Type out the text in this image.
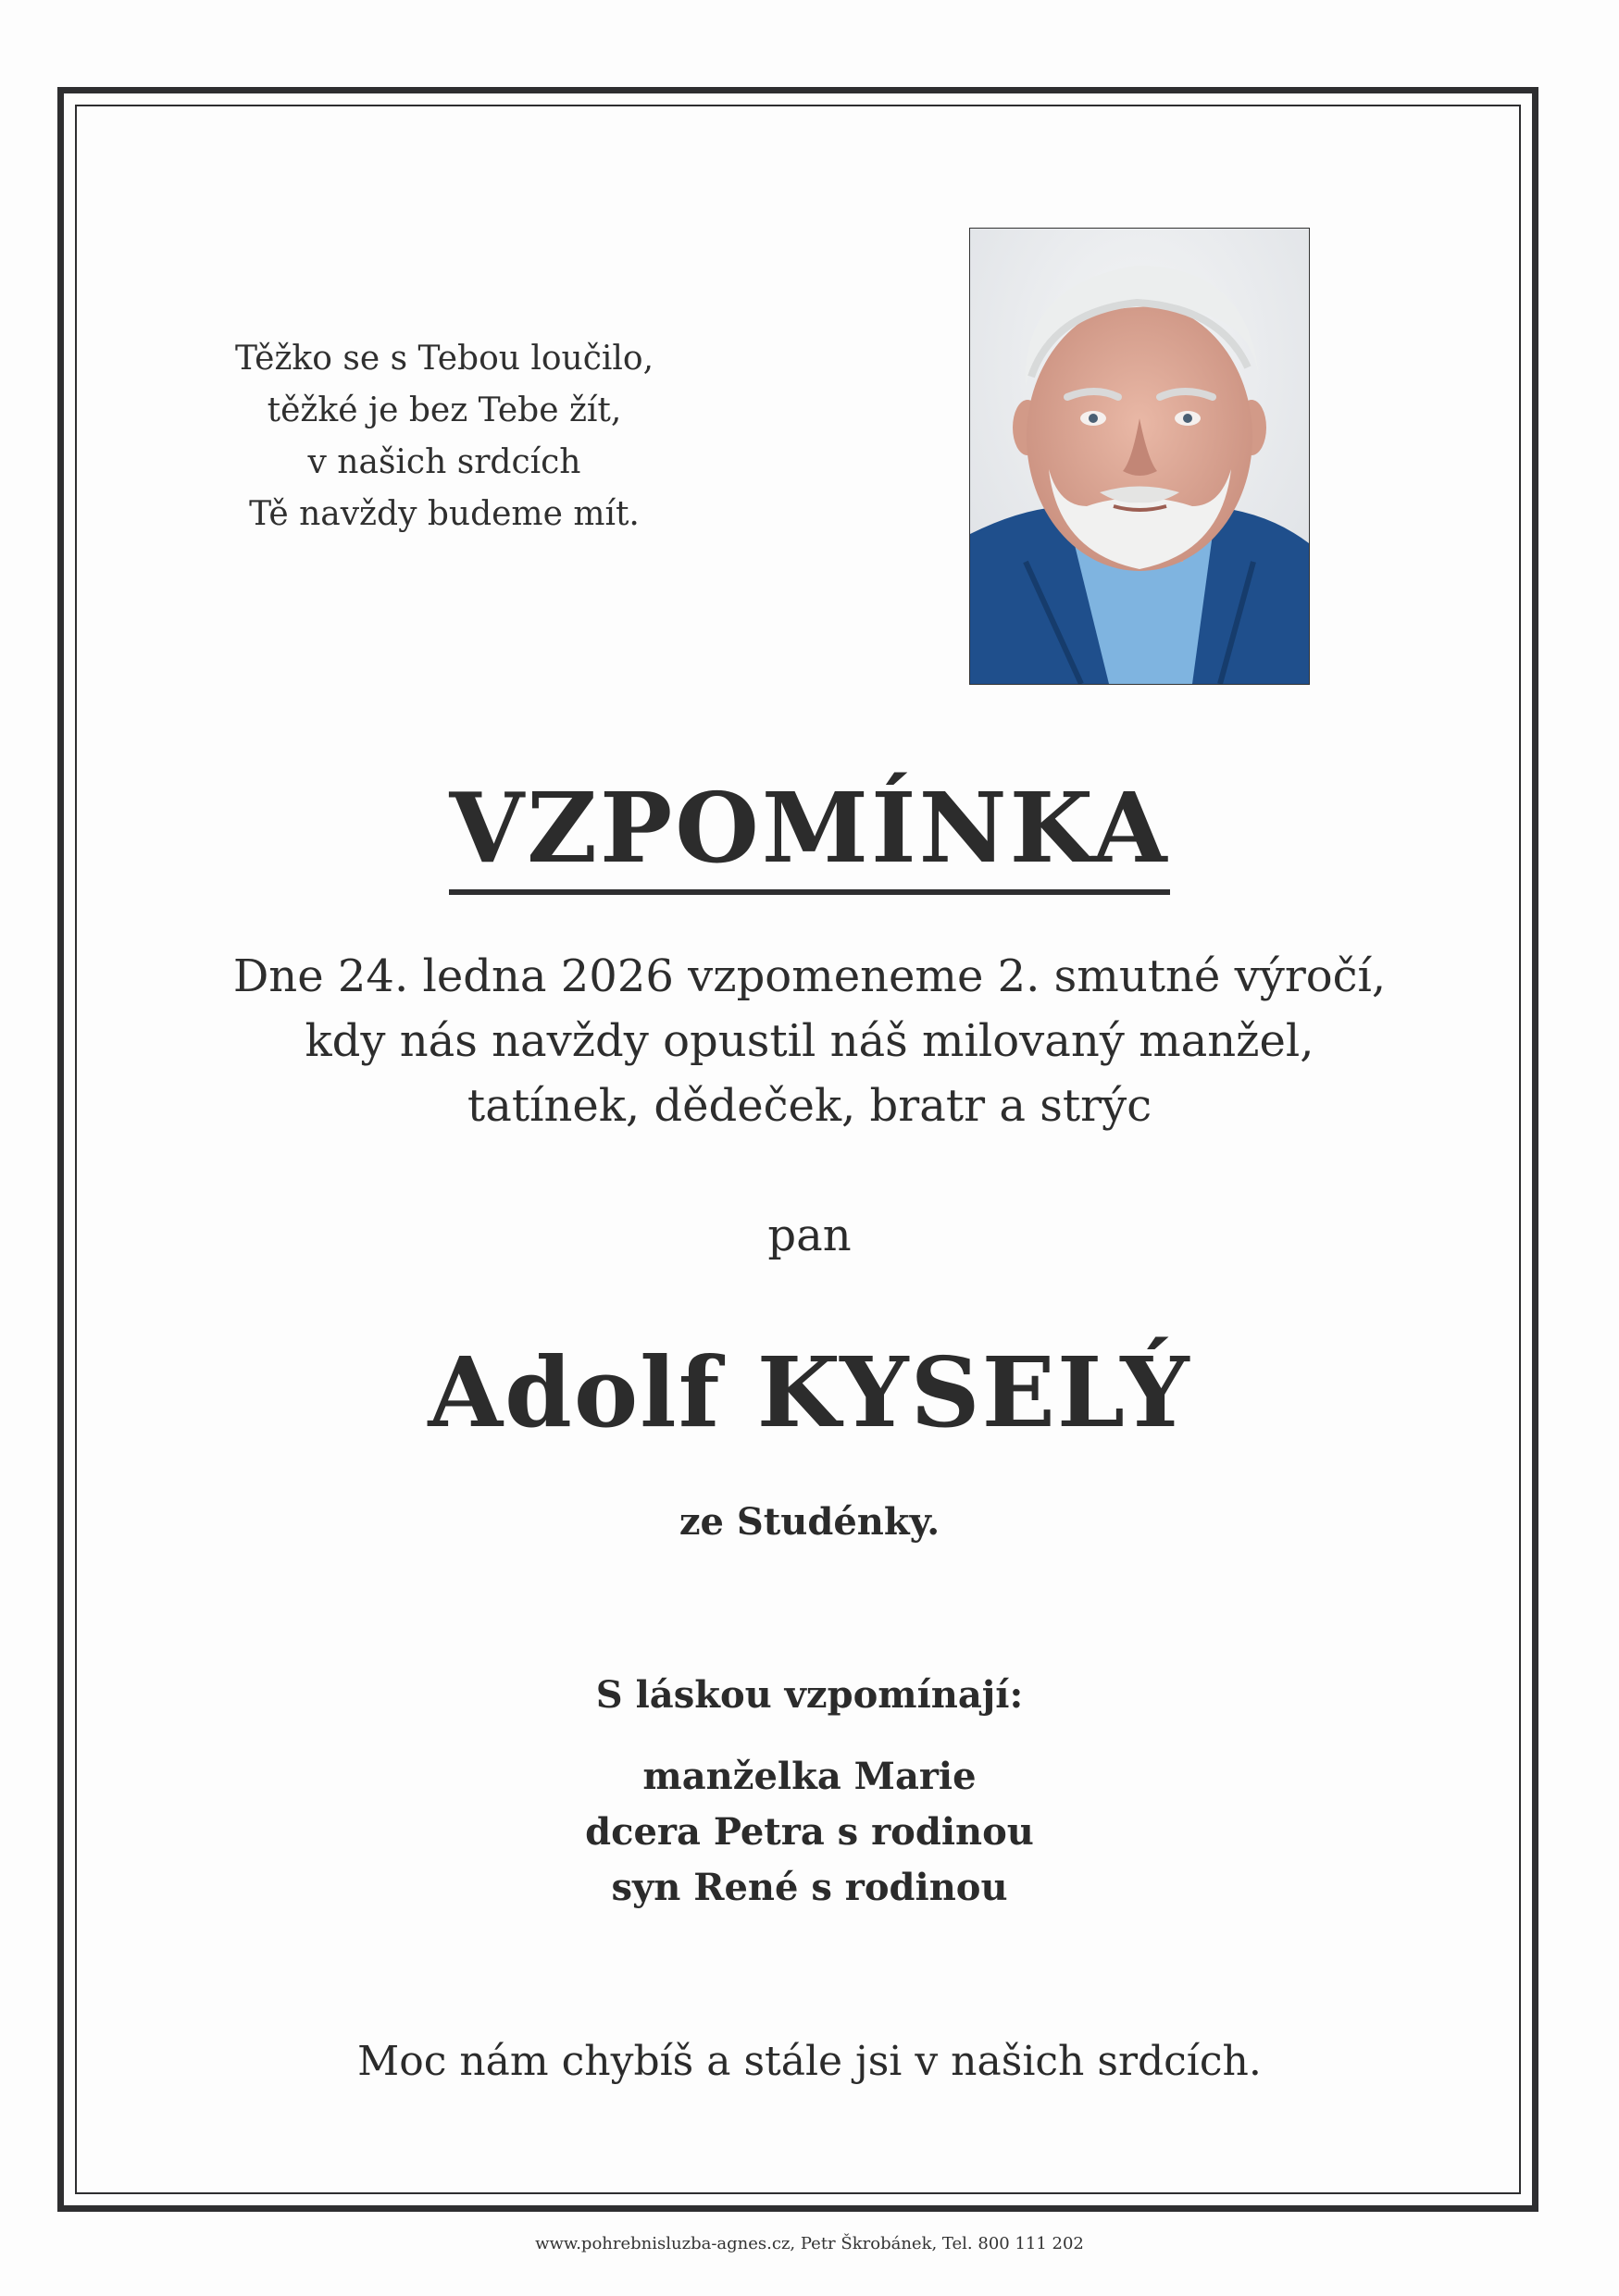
Těžko se s Tebou loučilo,
těžké je bez Tebe žít,
v našich srdcích
Tě navždy budeme mít.
VZPOMÍNKA
Dne 24. ledna 2026 vzpomeneme 2. smutné výročí,
kdy nás navždy opustil náš milovaný manžel,
tatínek, dědeček, bratr a strýc
pan
Adolf KYSELÝ
ze Studénky.
S láskou vzpomínají:
manželka Marie
dcera Petra s rodinou
syn René s rodinou
Moc nám chybíš a stále jsi v našich srdcích.
www.pohrebnisluzba-agnes.cz, Petr Škrobánek, Tel. 800 111 202
